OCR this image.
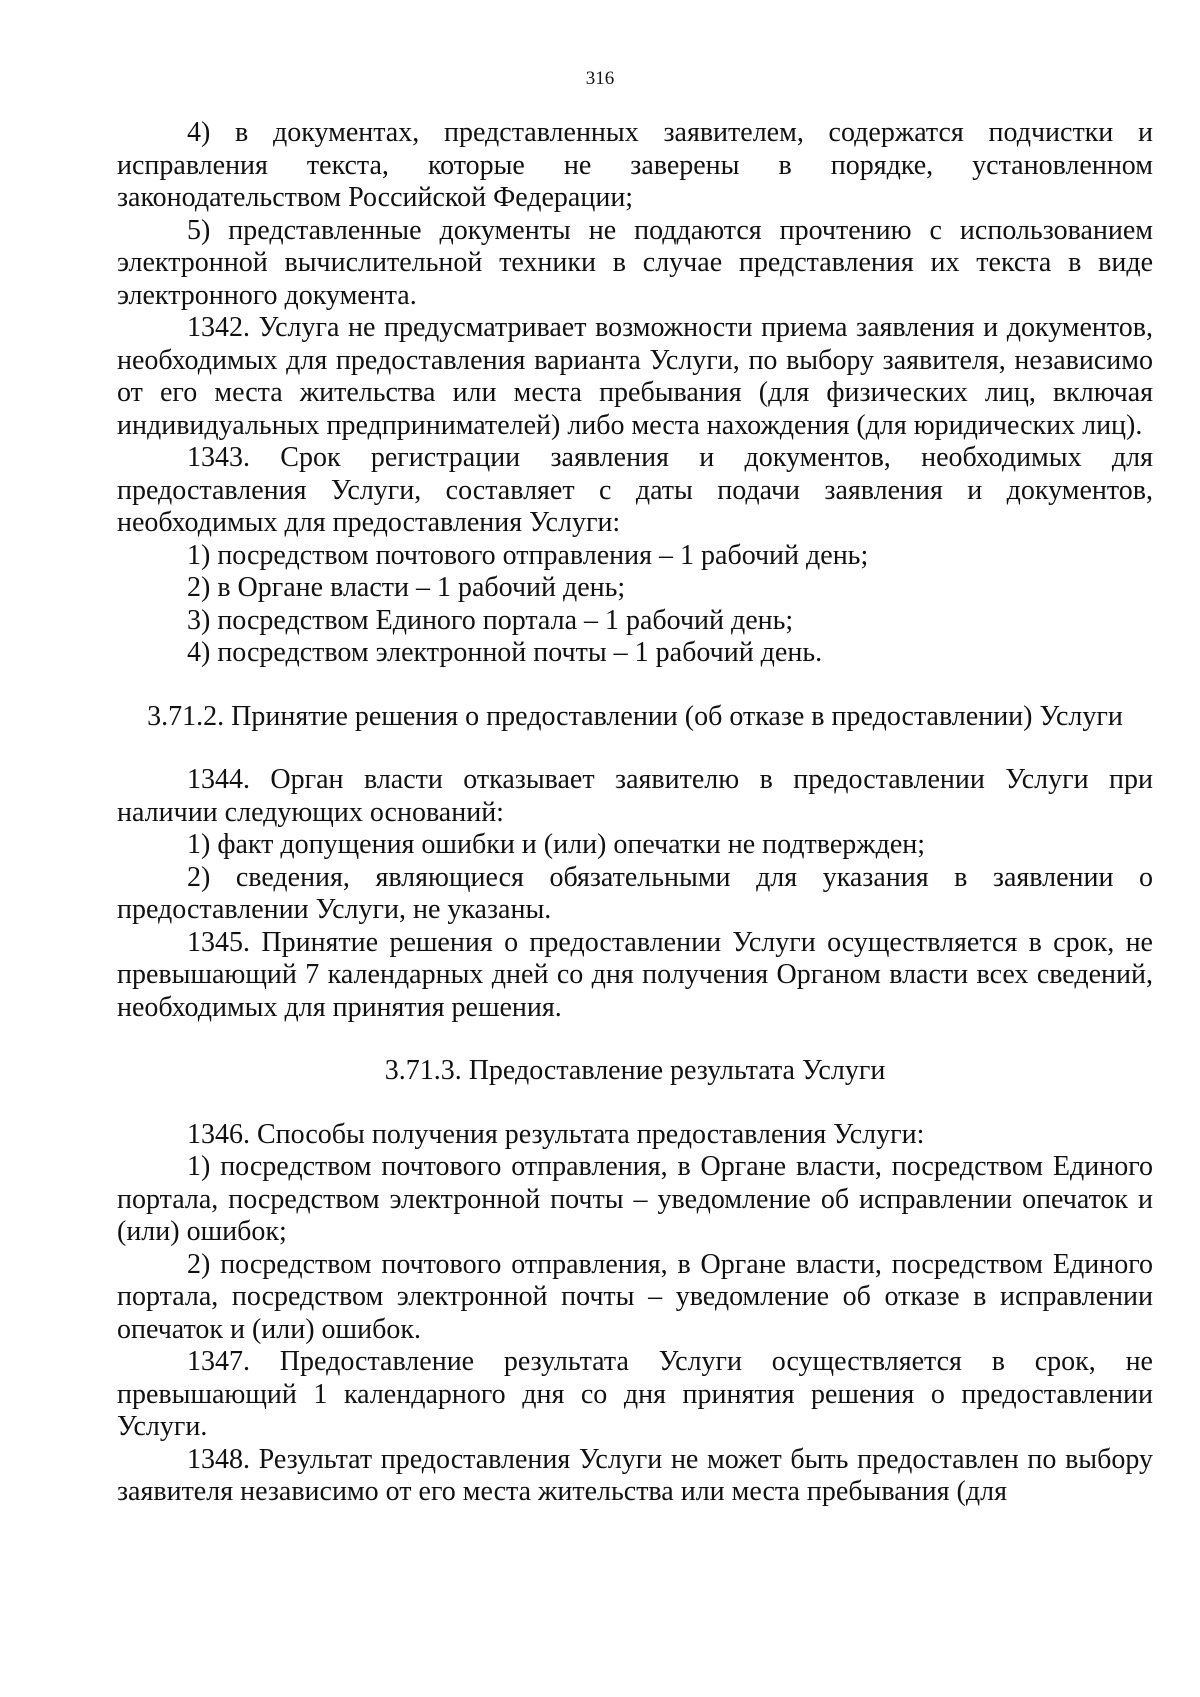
316

4) в документах, представленных заявителем, содержатся подчистки и исправления текста, которые не заверены в порядке, установленном законодательством Российской Федерации;

5) представленные документы не поддаются прочтению с использованием электронной вычислительной техники в случае представления их текста в виде электронного документа.

1342. Услуга не предусматривает возможности приема заявления и документов, необходимых для предоставления варианта Услуги, по выбору заявителя, независимо от его места жительства или места пребывания (для физических лиц, включая индивидуальных предпринимателей) либо места нахождения (для юридических лиц).

1343. Срок регистрации заявления и документов, необходимых для предоставления Услуги, составляет с даты подачи заявления и документов, необходимых для предоставления Услуги:

1) посредством почтового отправления – 1 рабочий день;

2) в Органе власти – 1 рабочий день;

3) посредством Единого портала – 1 рабочий день;

4) посредством электронной почты – 1 рабочий день.

3.71.2. Принятие решения о предоставлении (об отказе в предоставлении) Услуги

1344. Орган власти отказывает заявителю в предоставлении Услуги при наличии следующих оснований:

1) факт допущения ошибки и (или) опечатки не подтвержден;

2) сведения, являющиеся обязательными для указания в заявлении о предоставлении Услуги, не указаны.

1345. Принятие решения о предоставлении Услуги осуществляется в срок, не превышающий 7 календарных дней со дня получения Органом власти всех сведений, необходимых для принятия решения.

3.71.3. Предоставление результата Услуги

1346. Способы получения результата предоставления Услуги:

1) посредством почтового отправления, в Органе власти, посредством Единого портала, посредством электронной почты – уведомление об исправлении опечаток и (или) ошибок;

2) посредством почтового отправления, в Органе власти, посредством Единого портала, посредством электронной почты – уведомление об отказе в исправлении опечаток и (или) ошибок.

1347. Предоставление результата Услуги осуществляется в срок, не превышающий 1 календарного дня со дня принятия решения о предоставлении Услуги.

1348. Результат предоставления Услуги не может быть предоставлен по выбору заявителя независимо от его места жительства или места пребывания (для
